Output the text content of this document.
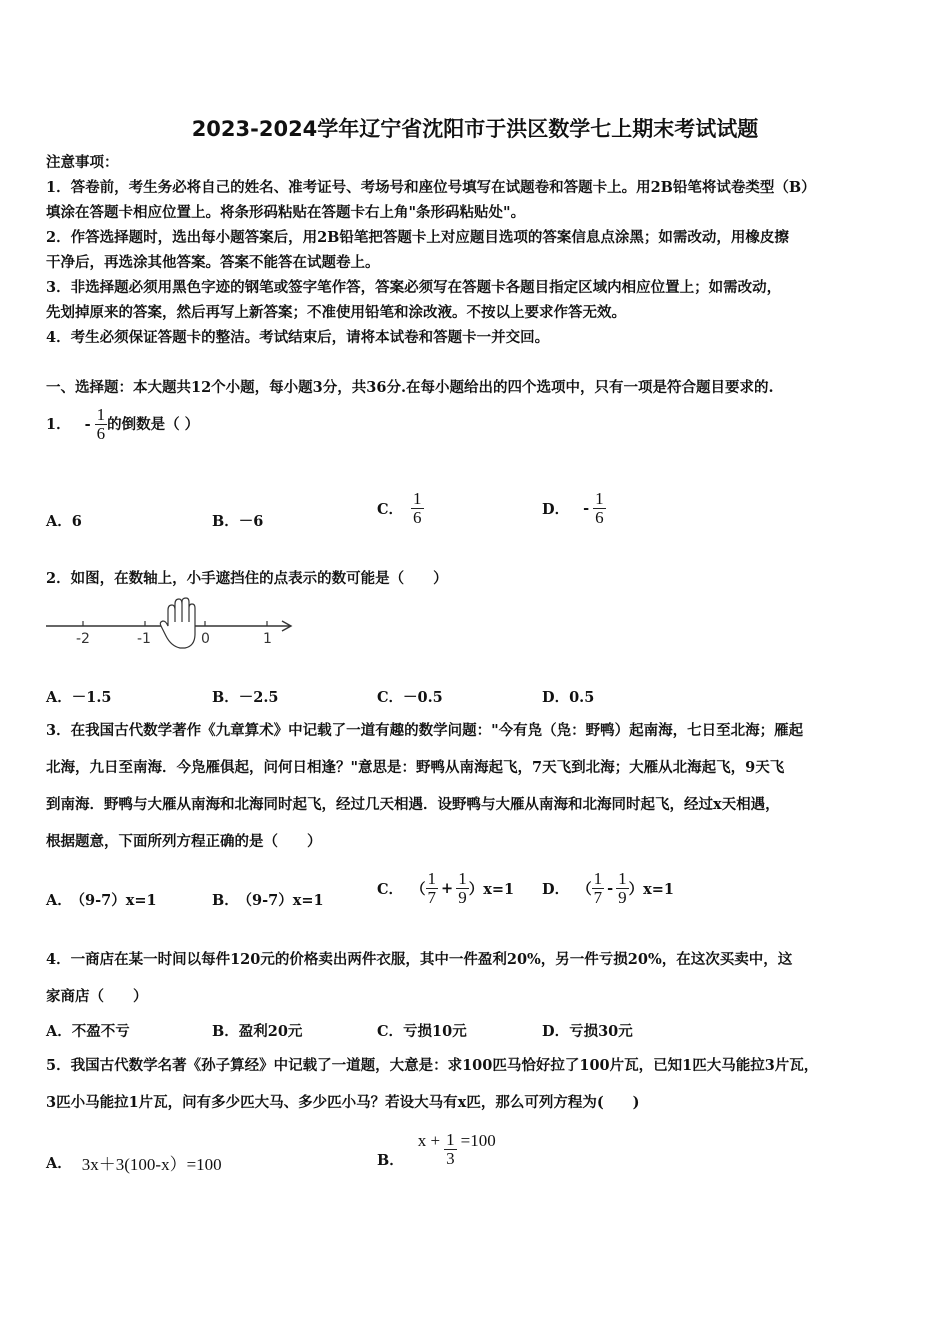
2023-2024学年辽宁省沈阳市于洪区数学七上期末考试试题
注意事项：
1．答卷前，考生务必将自己的姓名、准考证号、考场号和座位号填写在试题卷和答题卡上。用2B铅笔将试卷类型（B）
填涂在答题卡相应位置上。将条形码粘贴在答题卡右上角"条形码粘贴处"。
2．作答选择题时，选出每小题答案后，用2B铅笔把答题卡上对应题目选项的答案信息点涂黑；如需改动，用橡皮擦
干净后，再选涂其他答案。答案不能答在试题卷上。
3．非选择题必须用黑色字迹的钢笔或签字笔作答，答案必须写在答题卡各题目指定区域内相应位置上；如需改动，
先划掉原来的答案，然后再写上新答案；不准使用铅笔和涂改液。不按以上要求作答无效。
4．考生必须保证答题卡的整洁。考试结束后，请将本试卷和答题卡一并交回。
一、选择题：本大题共12个小题，每小题3分，共36分.在每小题给出的四个选项中，只有一项是符合题目要求的.
1． - $\frac{1}{6}$ 的倒数是（ ）
A．6	B．－6
C． $\frac{1}{6}$	D． - $\frac{1}{6}$
2．如图，在数轴上，小手遮挡住的点表示的数可能是（　　）
-2	-1	0	1
A．－1.5	B．－2.5	C．－0.5	D．0.5
3．在我国古代数学著作《九章算术》中记载了一道有趣的数学问题："今有凫（凫：野鸭）起南海，七日至北海；雁起
北海，九日至南海．今凫雁俱起，问何日相逢？"意思是：野鸭从南海起飞，7天飞到北海；大雁从北海起飞，9天飞
到南海．野鸭与大雁从南海和北海同时起飞，经过几天相遇．设野鸭与大雁从南海和北海同时起飞，经过x天相遇，
根据题意，下面所列方程正确的是（　　）
A． （9-7）x=1	B． （9-7）x=1
C． （ $\frac{1}{7} + \frac{1}{9} )x=1$ D． （ $\frac{1}{7} - \frac{1}{9} )x=1$
4．一商店在某一时间以每件120元的价格卖出两件衣服，其中一件盈利20%，另一件亏损20%，在这次买卖中，这
家商店（　　）
A．不盈不亏	B．盈利20元	C．亏损10元	D．亏损30元
5．我国古代数学名著《孙子算经》中记载了一道题，大意是：求100匹马恰好拉了100片瓦，已知1匹大马能拉3片瓦，
3匹小马能拉1片瓦，问有多少匹大马、多少匹小马？若设大马有x匹，那么可列方程为(　　)
A． 3x＋3(100-x）=100	B．
$x + \frac{1}{3} =100$
